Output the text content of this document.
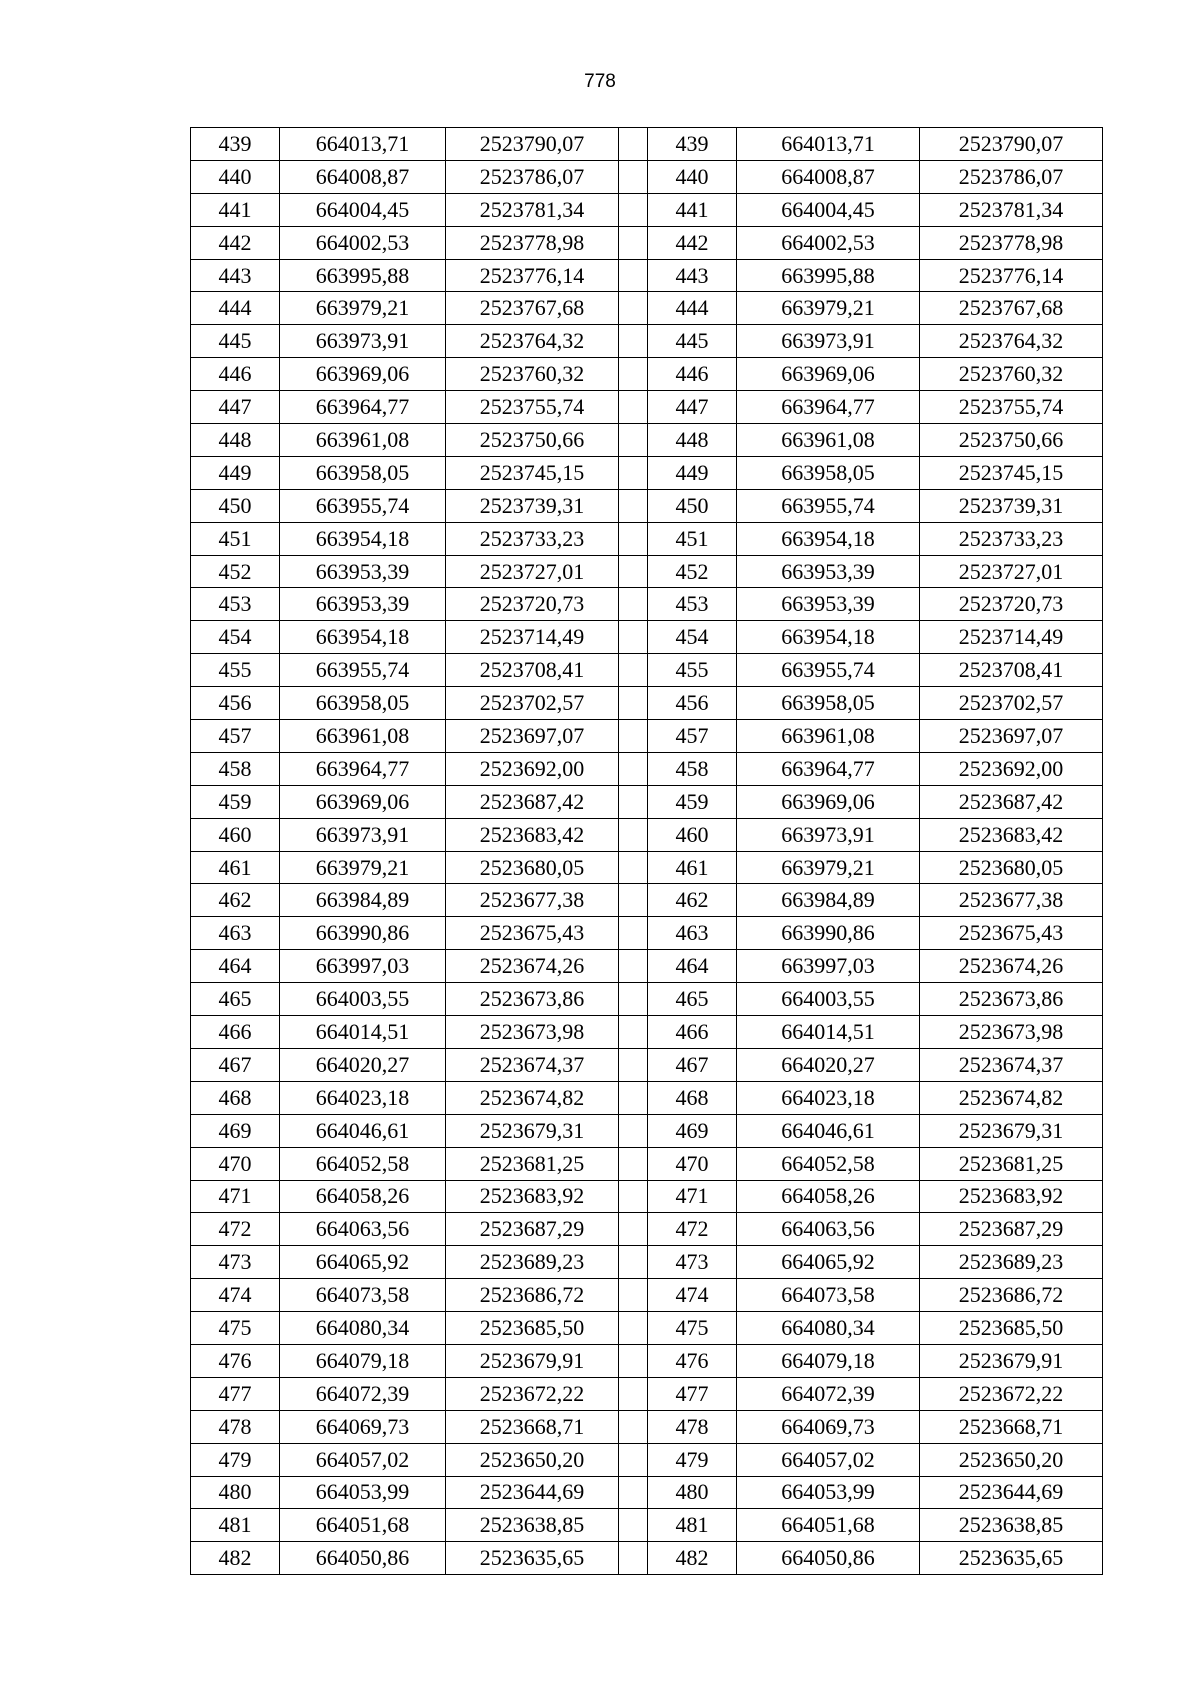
778
439	664013,71	2523790,07		439	664013,71	2523790,07
440	664008,87	2523786,07		440	664008,87	2523786,07
441	664004,45	2523781,34		441	664004,45	2523781,34
442	664002,53	2523778,98		442	664002,53	2523778,98
443	663995,88	2523776,14		443	663995,88	2523776,14
444	663979,21	2523767,68		444	663979,21	2523767,68
445	663973,91	2523764,32		445	663973,91	2523764,32
446	663969,06	2523760,32		446	663969,06	2523760,32
447	663964,77	2523755,74		447	663964,77	2523755,74
448	663961,08	2523750,66		448	663961,08	2523750,66
449	663958,05	2523745,15		449	663958,05	2523745,15
450	663955,74	2523739,31		450	663955,74	2523739,31
451	663954,18	2523733,23		451	663954,18	2523733,23
452	663953,39	2523727,01		452	663953,39	2523727,01
453	663953,39	2523720,73		453	663953,39	2523720,73
454	663954,18	2523714,49		454	663954,18	2523714,49
455	663955,74	2523708,41		455	663955,74	2523708,41
456	663958,05	2523702,57		456	663958,05	2523702,57
457	663961,08	2523697,07		457	663961,08	2523697,07
458	663964,77	2523692,00		458	663964,77	2523692,00
459	663969,06	2523687,42		459	663969,06	2523687,42
460	663973,91	2523683,42		460	663973,91	2523683,42
461	663979,21	2523680,05		461	663979,21	2523680,05
462	663984,89	2523677,38		462	663984,89	2523677,38
463	663990,86	2523675,43		463	663990,86	2523675,43
464	663997,03	2523674,26		464	663997,03	2523674,26
465	664003,55	2523673,86		465	664003,55	2523673,86
466	664014,51	2523673,98		466	664014,51	2523673,98
467	664020,27	2523674,37		467	664020,27	2523674,37
468	664023,18	2523674,82		468	664023,18	2523674,82
469	664046,61	2523679,31		469	664046,61	2523679,31
470	664052,58	2523681,25		470	664052,58	2523681,25
471	664058,26	2523683,92		471	664058,26	2523683,92
472	664063,56	2523687,29		472	664063,56	2523687,29
473	664065,92	2523689,23		473	664065,92	2523689,23
474	664073,58	2523686,72		474	664073,58	2523686,72
475	664080,34	2523685,50		475	664080,34	2523685,50
476	664079,18	2523679,91		476	664079,18	2523679,91
477	664072,39	2523672,22		477	664072,39	2523672,22
478	664069,73	2523668,71		478	664069,73	2523668,71
479	664057,02	2523650,20		479	664057,02	2523650,20
480	664053,99	2523644,69		480	664053,99	2523644,69
481	664051,68	2523638,85		481	664051,68	2523638,85
482	664050,86	2523635,65		482	664050,86	2523635,65
